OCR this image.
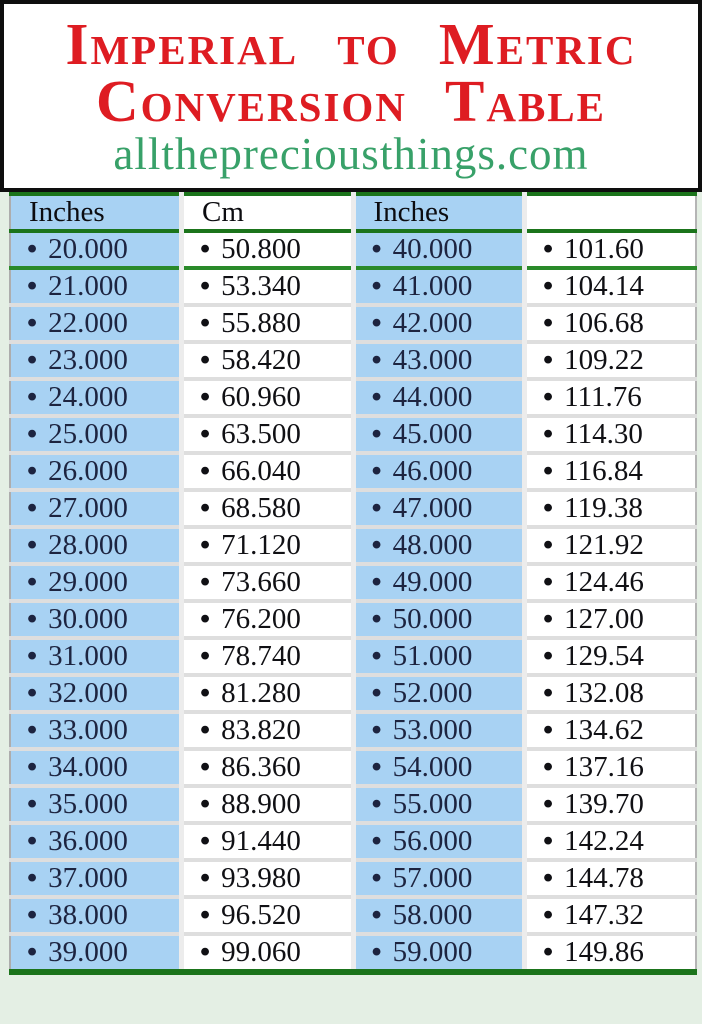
Imperial to Metric
Conversion Table
allthepreciousthings.com
Inches	Cm	Inches	
• 20.000	• 50.800	• 40.000	• 101.60
• 21.000	• 53.340	• 41.000	• 104.14
• 22.000	• 55.880	• 42.000	• 106.68
• 23.000	• 58.420	• 43.000	• 109.22
• 24.000	• 60.960	• 44.000	• 111.76
• 25.000	• 63.500	• 45.000	• 114.30
• 26.000	• 66.040	• 46.000	• 116.84
• 27.000	• 68.580	• 47.000	• 119.38
• 28.000	• 71.120	• 48.000	• 121.92
• 29.000	• 73.660	• 49.000	• 124.46
• 30.000	• 76.200	• 50.000	• 127.00
• 31.000	• 78.740	• 51.000	• 129.54
• 32.000	• 81.280	• 52.000	• 132.08
• 33.000	• 83.820	• 53.000	• 134.62
• 34.000	• 86.360	• 54.000	• 137.16
• 35.000	• 88.900	• 55.000	• 139.70
• 36.000	• 91.440	• 56.000	• 142.24
• 37.000	• 93.980	• 57.000	• 144.78
• 38.000	• 96.520	• 58.000	• 147.32
• 39.000	• 99.060	• 59.000	• 149.86
